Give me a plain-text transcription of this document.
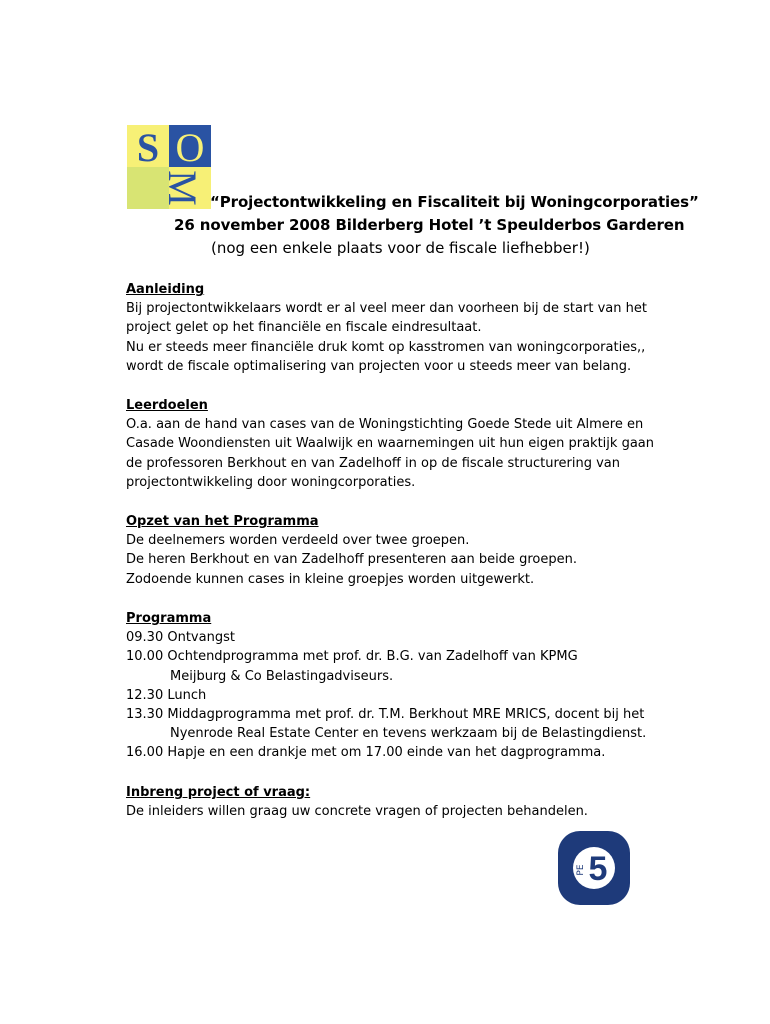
S O
M “Projectontwikkeling en Fiscaliteit bij Woningcorporaties”
26 november 2008 Bilderberg Hotel ’t Speulderbos Garderen
(nog een enkele plaats voor de fiscale liefhebber!)
Aanleiding
Bij projectontwikkelaars wordt er al veel meer dan voorheen bij de start van het
project gelet op het financiële en fiscale eindresultaat.
Nu er steeds meer financiële druk komt op kasstromen van woningcorporaties,,
wordt de fiscale optimalisering van projecten voor u steeds meer van belang.
Leerdoelen
O.a. aan de hand van cases van de Woningstichting Goede Stede uit Almere en
Casade Woondiensten uit Waalwijk en waarnemingen uit hun eigen praktijk gaan
de professoren Berkhout en van Zadelhoff in op de fiscale structurering van
projectontwikkeling door woningcorporaties.
Opzet van het Programma
De deelnemers worden verdeeld over twee groepen.
De heren Berkhout en van Zadelhoff presenteren aan beide groepen.
Zodoende kunnen cases in kleine groepjes worden uitgewerkt.
Programma
09.30 Ontvangst
10.00 Ochtendprogramma met prof. dr. B.G. van Zadelhoff van KPMG
Meijburg & Co Belastingadviseurs.
12.30 Lunch
13.30 Middagprogramma met prof. dr. T.M. Berkhout MRE MRICS, docent bij het
Nyenrode Real Estate Center en tevens werkzaam bij de Belastingdienst.
16.00 Hapje en een drankje met om 17.00 einde van het dagprogramma.
Inbreng project of vraag:
De inleiders willen graag uw concrete vragen of projecten behandelen.
Koninklijk Nederlands Instituut van Registeraccountants
PE 5
